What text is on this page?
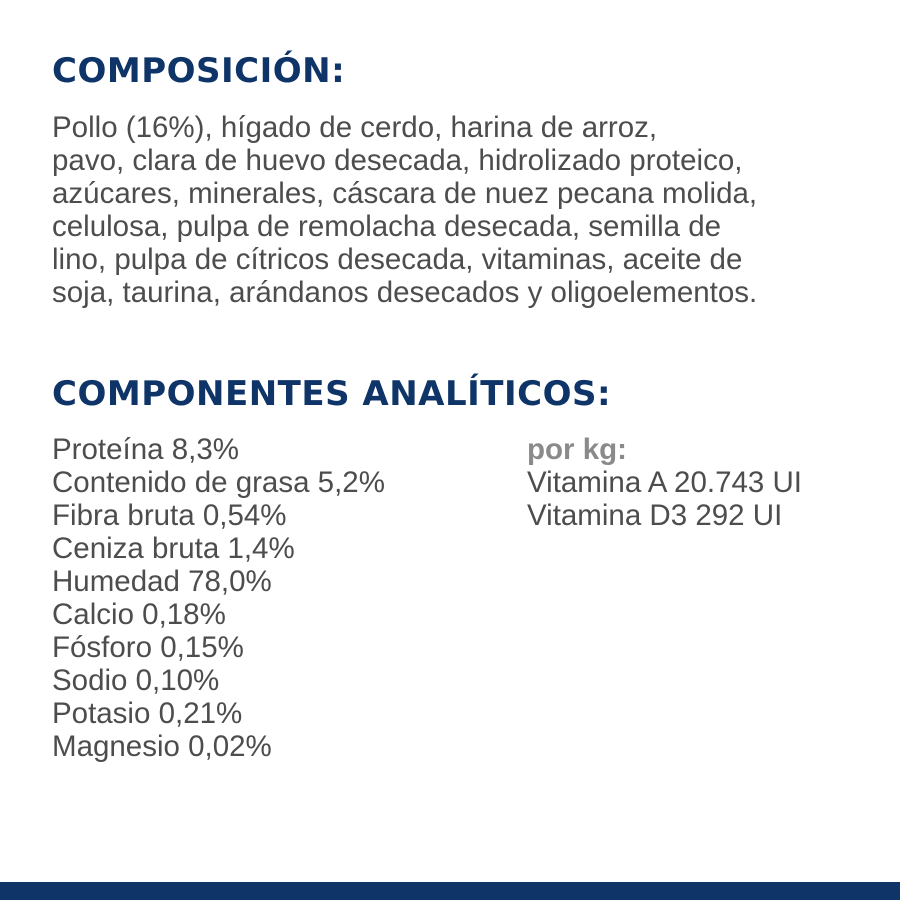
COMPOSICIÓN:

Pollo (16%), hígado de cerdo, harina de arroz,
pavo, clara de huevo desecada, hidrolizado proteico,
azúcares, minerales, cáscara de nuez pecana molida,
celulosa, pulpa de remolacha desecada, semilla de
lino, pulpa de cítricos desecada, vitaminas, aceite de
soja, taurina, arándanos desecados y oligoelementos.

COMPONENTES ANALÍTICOS:
Proteína 8,3%
Contenido de grasa 5,2%
Fibra bruta 0,54%
Ceniza bruta 1,4%
Humedad 78,0%
Calcio 0,18%
Fósforo 0,15%
Sodio 0,10%
Potasio 0,21%
Magnesio 0,02%
por kg:
Vitamina A 20.743 UI
Vitamina D3 292 UI
